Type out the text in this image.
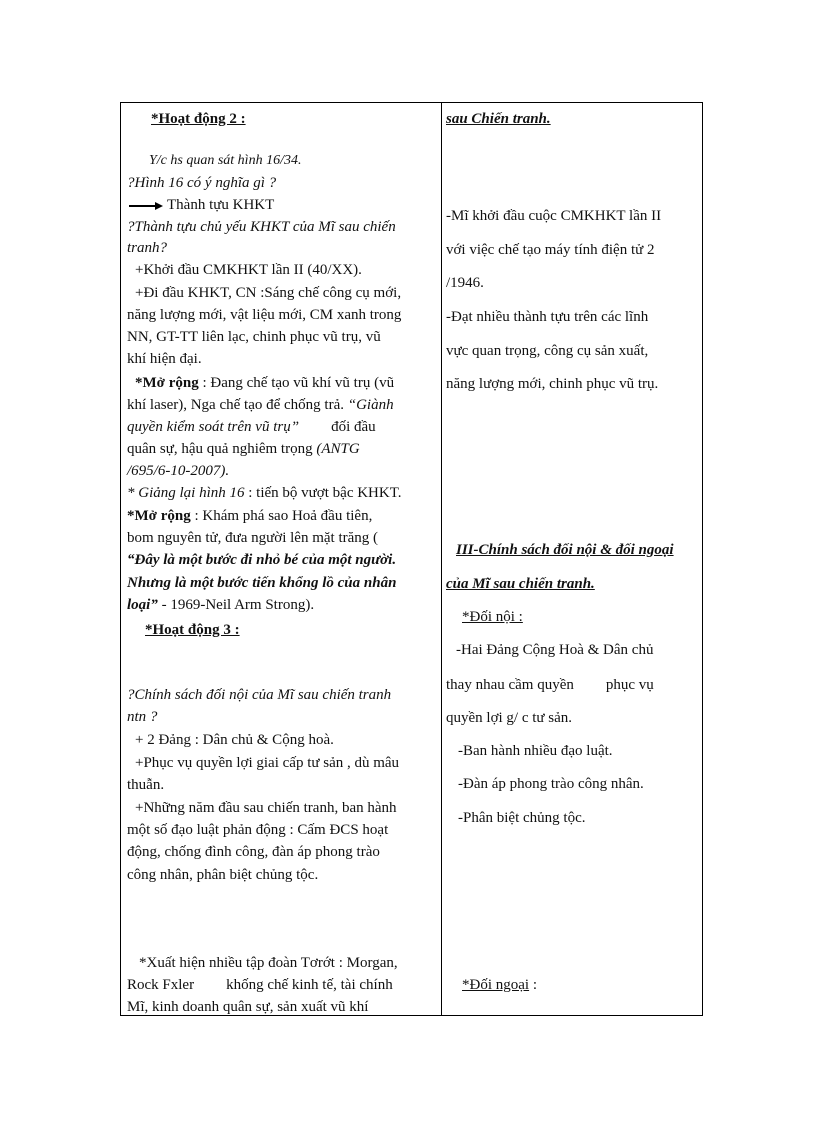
*Hoạt động 2 :
Y/c hs quan sát hình 16/34.
?Hình 16 có ý nghĩa gì ?
Thành tựu KHKT
?Thành tựu chủ yếu KHKT của Mĩ sau chiến
tranh?
+Khởi đầu CMKHKT lần II (40/XX).
+Đi đầu KHKT, CN :Sáng chế công cụ mới,
năng lượng mới, vật liệu mới, CM xanh trong
NN, GT-TT liên lạc, chinh phục vũ trụ, vũ
khí hiện đại.
*Mở rộng : Đang chế tạo vũ khí vũ trụ (vũ
khí laser), Nga chế tạo để chống trả. “Giành
quyền kiểm soát trên vũ trụ” đối đầu
quân sự, hậu quả nghiêm trọng (ANTG
/695/6-10-2007).
* Giảng lại hình 16 : tiến bộ vượt bậc KHKT.
*Mở rộng : Khám phá sao Hoả đầu tiên,
bom nguyên tử, đưa người lên mặt trăng (
“Đây là một bước đi nhỏ bé của một người.
Nhưng là một bước tiến khổng lồ của nhân
loại” - 1969-Neil Arm Strong).
*Hoạt động 3 :
?Chính sách đối nội của Mĩ sau chiến tranh
ntn ?
+ 2 Đảng : Dân chủ & Cộng hoà.
+Phục vụ quyền lợi giai cấp tư sản , dù mâu
thuẫn.
+Những năm đầu sau chiến tranh, ban hành
một số đạo luật phản động : Cấm ĐCS hoạt
động, chống đình công, đàn áp phong trào
công nhân, phân biệt chủng tộc.
*Xuất hiện nhiều tập đoàn Tơrớt : Morgan,
Rock Fxler khống chế kinh tế, tài chính
Mĩ, kinh doanh quân sự, sản xuất vũ khí
sau Chiến tranh.
-Mĩ khởi đầu cuộc CMKHKT lần II
với việc chế tạo máy tính điện tử 2
/1946.
-Đạt nhiều thành tựu trên các lĩnh
vực quan trọng, công cụ sản xuất,
năng lượng mới, chinh phục vũ trụ.
III-Chính sách đối nội & đối ngoại
của Mĩ sau chiến tranh.
*Đối nội :
-Hai Đảng Cộng Hoà & Dân chủ
thay nhau cầm quyền phục vụ
quyền lợi g/ c tư sản.
-Ban hành nhiều đạo luật.
-Đàn áp phong trào công nhân.
-Phân biệt chủng tộc.
*Đối ngoại :
